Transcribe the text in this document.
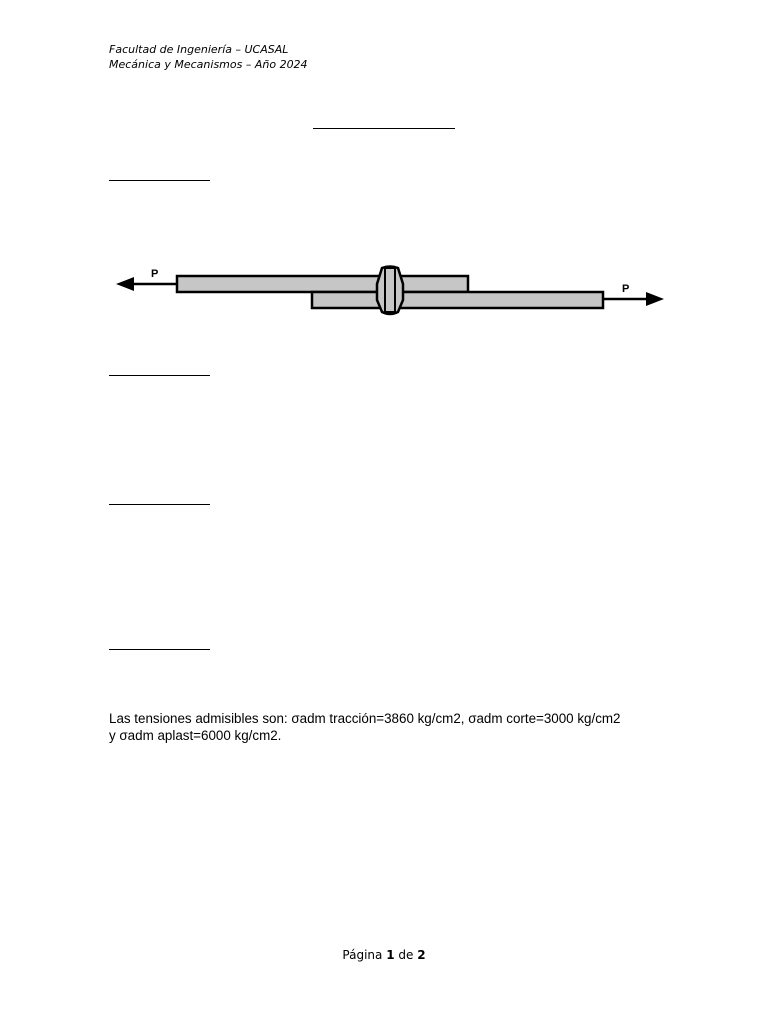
Facultad de Ingeniería – UCASAL
Mecánica y Mecanismos – Año 2024
P
P
Las tensiones admisibles son: σadm tracción=3860 kg/cm2, σadm corte=3000 kg/cm2
y σadm aplast=6000 kg/cm2.
Página 1 de 2
